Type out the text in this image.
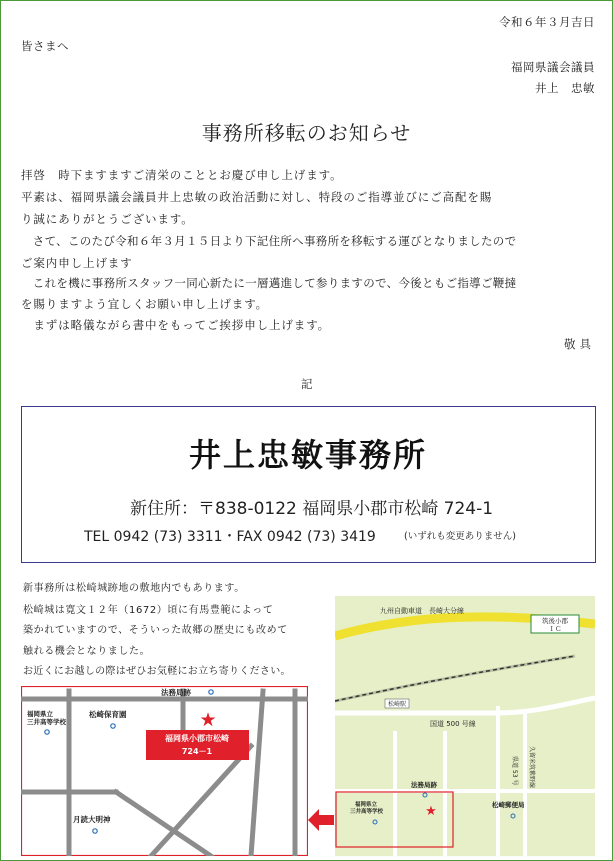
令和６年３月吉日
皆さまへ
福岡県議会議員
井上　忠敏
事務所移転のお知らせ
拝啓　時下ますますご清栄のこととお慶び申し上げます。
平素は、福岡県議会議員井上忠敏の政治活動に対し、特段のご指導並びにご高配を賜
り誠にありがとうございます。
　さて、このたび令和６年３月１５日より下記住所へ事務所を移転する運びとなりましたので
ご案内申し上げます
　これを機に事務所スタッフ一同心新たに一層邁進して参りますので、今後ともご指導ご鞭撻
を賜りますよう宜しくお願い申し上げます。
　まずは略儀ながら書中をもってご挨拶申し上げます。
敬具
記
井上忠敏事務所
新住所：〒838-0122 福岡県小郡市松崎 724-1
TEL 0942 (73) 3311・FAX 0942 (73) 3419	(いずれも変更ありません)
新事務所は松崎城跡地の敷地内でもあります。
松崎城は寛文１２年（1672）頃に有馬豊範によって
築かれていますので、そういった故郷の歴史にも改めて
触れる機会となりました。
お近くにお越しの際はぜひお気軽にお立ち寄りください。
福岡県小郡市松崎
724－1
★
法務局跡
福岡県立
三井高等学校
松崎保育園
月読大明神
九州自動車道　長崎大分線
筑後小郡
ＩＣ
松崎駅
国道 500 号線
県道 53 号 久留米筑紫野線
法務局跡
福岡県立
三井高等学校	★	松崎郵便局
